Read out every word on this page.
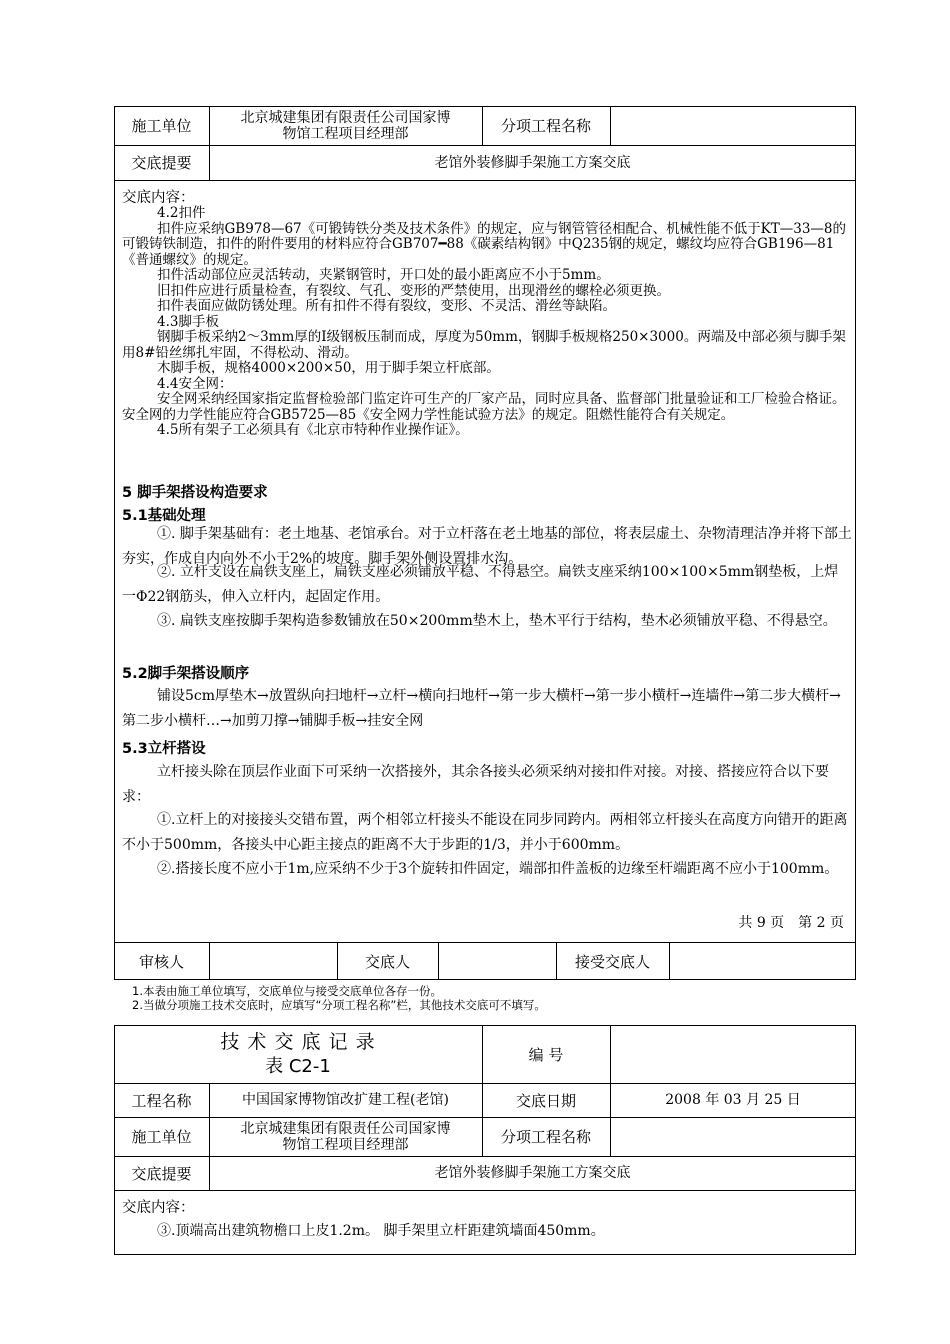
施工单位	北京城建集团有限责任公司国家博
物馆工程项目经理部	分项工程名称
交底提要	老馆外装修脚手架施工方案交底
交底内容：

4.2扣件

扣件应采纳GB978—67《可锻铸铁分类及技术条件》的规定，应与钢管管径相配合、机械性能不低于KT—33—8的可锻铸铁制造，扣件的附件要用的材料应符合GB707━88《碳素结构钢》中Q235钢的规定，螺纹均应符合GB196—81《普通螺纹》的规定。

扣件活动部位应灵活转动，夹紧钢管时，开口处的最小距离应不小于5mm。

旧扣件应进行质量检查，有裂纹、气孔、变形的严禁使用，出现滑丝的螺栓必须更换。

扣件表面应做防锈处理。所有扣件不得有裂纹，变形、不灵活、滑丝等缺陷。

4.3脚手板

钢脚手板采纳2～3mm厚的Ⅰ级钢板压制而成，厚度为50mm，钢脚手板规格250×3000。两端及中部必须与脚手架用8#铅丝绑扎牢固，不得松动、滑动。

木脚手板，规格4000×200×50，用于脚手架立杆底部。

4.4安全网：

安全网采纳经国家指定监督检验部门监定许可生产的厂家产品，同时应具备、监督部门批量验证和工厂检验合格证。安全网的力学性能应符合GB5725—85《安全网力学性能试验方法》的规定。阻燃性能符合有关规定。

4.5所有架子工必须具有《北京市特种作业操作证》。

5 脚手架搭设构造要求
5.1基础处理

①. 脚手架基础有：老土地基、老馆承台。对于立杆落在老土地基的部位，将表层虚土、杂物清理洁净并将下部土夯实，作成自内向外不小于2%的坡度。脚手架外侧设置排水沟。

②. 立杆支设在扁铁支座上，扁铁支座必须铺放平稳、不得悬空。扁铁支座采纳100×100×5mm钢垫板，上焊一Φ22钢筋头，伸入立杆内，起固定作用。

③. 扁铁支座按脚手架构造参数铺放在50×200mm垫木上，垫木平行于结构，垫木必须铺放平稳、不得悬空。

5.2脚手架搭设顺序

铺设5cm厚垫木→放置纵向扫地杆→立杆→横向扫地杆→第一步大横杆→第一步小横杆→连墙件→第二步大横杆→第二步小横杆…→加剪刀撑→铺脚手板→挂安全网

5.3立杆搭设

立杆接头除在顶层作业面下可采纳一次搭接外，其余各接头必须采纳对接扣件对接。对接、搭接应符合以下要求：

①.立杆上的对接接头交错布置，两个相邻立杆接头不能设在同步同跨内。两相邻立杆接头在高度方向错开的距离不小于500mm，各接头中心距主接点的距离不大于步距的1/3，并小于600mm。

②.搭接长度不应小于1m,应采纳不少于3个旋转扣件固定，端部扣件盖板的边缘至杆端距离不应小于100mm。

共 9 页　第 2 页
审核人	交底人	接受交底人

1.本表由施工单位填写，交底单位与接受交底单位各存一份。

2.当做分项施工技术交底时，应填写“分项工程名称”栏，其他技术交底可不填写。

技 术 交 底 记 录
表 C2-1
编 号
工程名称	中国国家博物馆改扩建工程(老馆)	交底日期	2008 年 03 月 25 日
施工单位	北京城建集团有限责任公司国家博
物馆工程项目经理部	分项工程名称
交底提要	老馆外装修脚手架施工方案交底
交底内容：
③.顶端高出建筑物檐口上皮1.2m。 脚手架里立杆距建筑墙面450mm。
